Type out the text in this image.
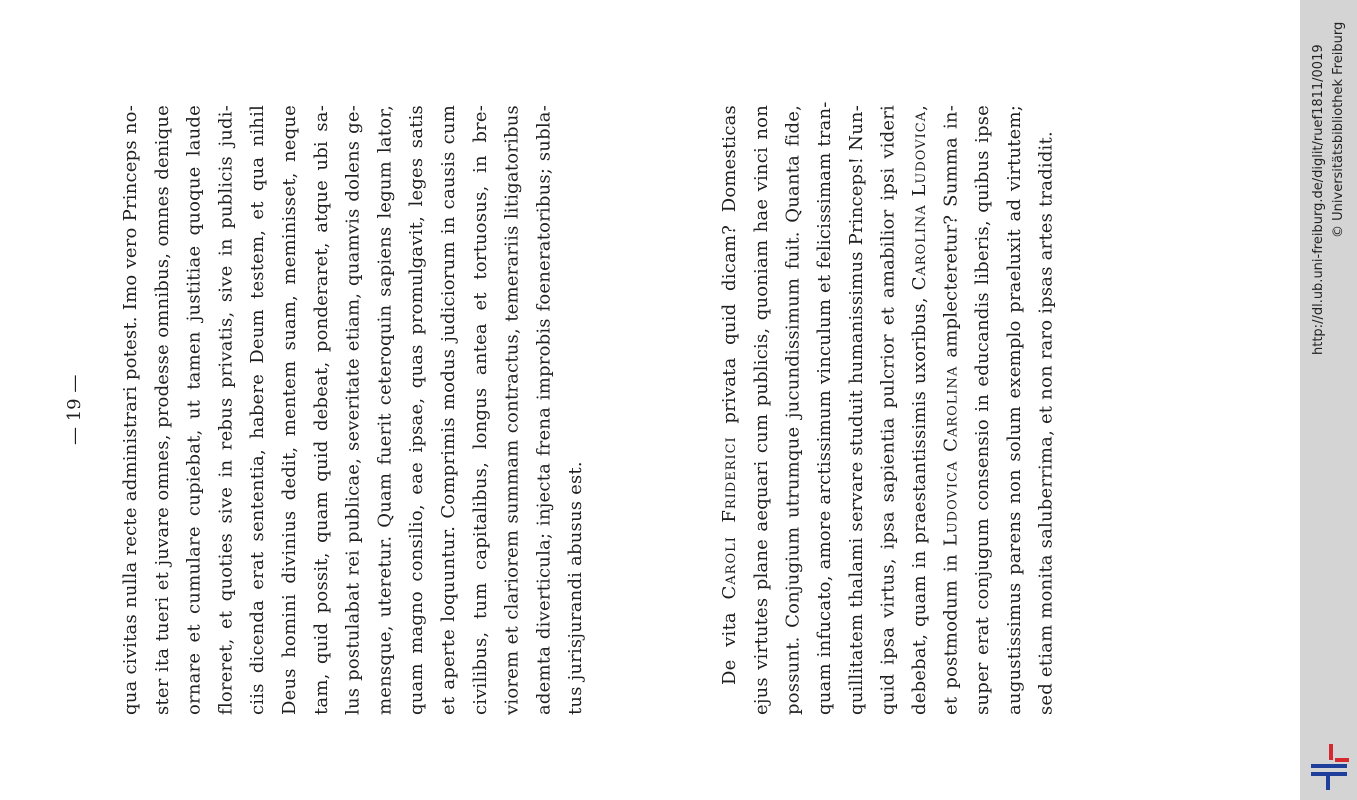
— 19 — qua civitas nulla recte administrari potest. Imo vero Princeps no- ster ita tueri et juvare omnes, prodesse omnibus, omnes denique ornare et cumulare cupiebat, ut tamen justitiae quoque laude floreret, et quoties sive in rebus privatis, sive in publicis judi- ciis dicenda erat sententia, habere Deum testem, et qua nihil Deus homini divinius dedit, mentem suam, meminisset, neque tam, quid possit, quam quid debeat, ponderaret, atque ubi sa- lus postulabat rei publicae, severitate etiam, quamvis dolens ge- mensque, uteretur. Quam fuerit ceteroquin sapiens legum lator, quam magno consilio, eae ipsae, quas promulgavit, leges satis et aperte loquuntur. Comprimis modus judiciorum in causis cum civilibus, tum capitalibus, longus antea et tortuosus, in bre- viorem et clariorem summam contractus, temerariis litigatoribus ademta diverticula; injecta frena improbis foeneratoribus; subla- tus jurisjurandi abusus est.	De vita Caroli Friderici privata quid dicam? Domesticas ejus virtutes plane aequari cum publicis, quoniam hae vinci non possunt. Conjugium utrumque jucundissimum fuit. Quanta fide, quam infucato, amore arctissimum vinculum et felicissimam tran- quillitatem thalami servare studuit humanissimus Princeps! Nun- quid ipsa virtus, ipsa sapientia pulcrior et amabilior ipsi videri debebat, quam in praestantissimis uxoribus, Carolina Ludovica,
et postmodum in Ludovica Carolina amplecteretur? Summa in- super erat conjugum consensio in educandis liberis, quibus ipse augustissimus parens non solum exemplo praeluxit ad virtutem; sed etiam monita saluberrima, et non raro ipsas artes tradidit.	http://dl.ub.uni-freiburg.de/diglit/ruef1811/0019 © Universitätsbibliothek Freiburg
